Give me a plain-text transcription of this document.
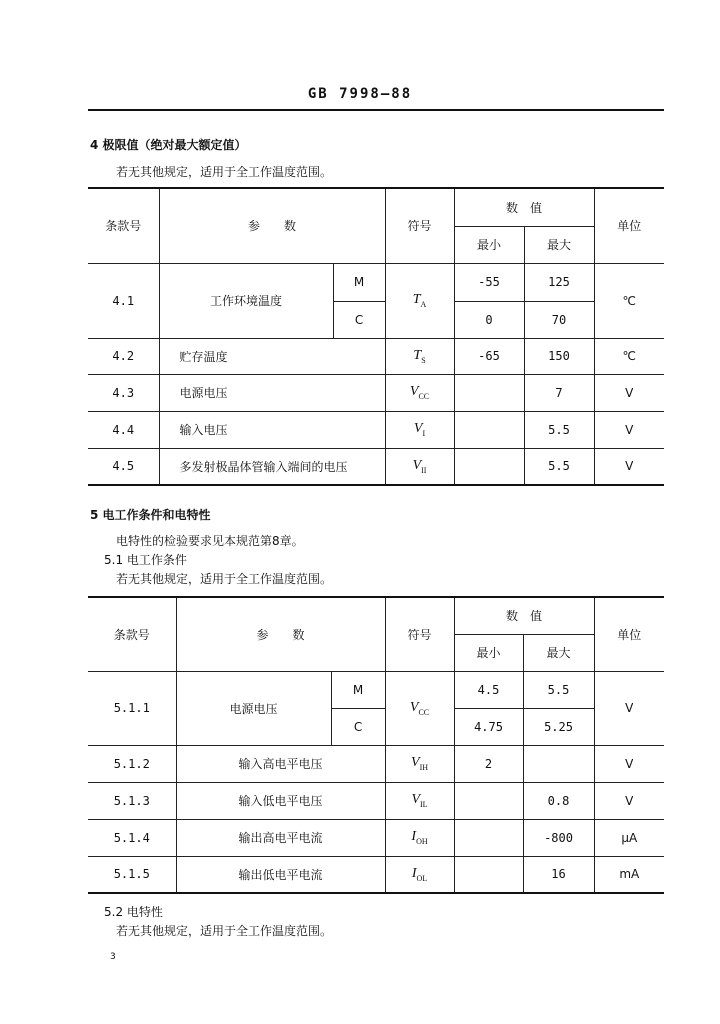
GB 7998—88
4 极限值（绝对最大额定值）
若无其他规定，适用于全工作温度范围。
条款号	参　　数		符号	数　值		单位
				最小	最大	
4.1	工作环境温度	M	$T_A$	-55	125	℃
		C		0	70	
4.2	贮存温度		$T_S$	-65	150	℃
4.3	电源电压		$V_{CC}$		7	V
4.4	输入电压		$V_I$		5.5	V
4.5	多发射极晶体管输入端间的电压		$V_{II}$		5.5	V
5 电工作条件和电特性
电特性的检验要求见本规范第8章。
5.1 电工作条件
若无其他规定，适用于全工作温度范围。
条款号	参　　数		符号	数　值		单位
				最小	最大	
5.1.1	电源电压	M	$V_{CC}$	4.5	5.5	V
		C		4.75	5.25	
5.1.2	输入高电平电压		$V_{IH}$	2		V
5.1.3	输入低电平电压		$V_{IL}$		0.8	V
5.1.4	输出高电平电流		$I_{OH}$		-800	μA
5.1.5	输出低电平电流		$I_{OL}$		16	mA
5.2 电特性
若无其他规定，适用于全工作温度范围。
3
